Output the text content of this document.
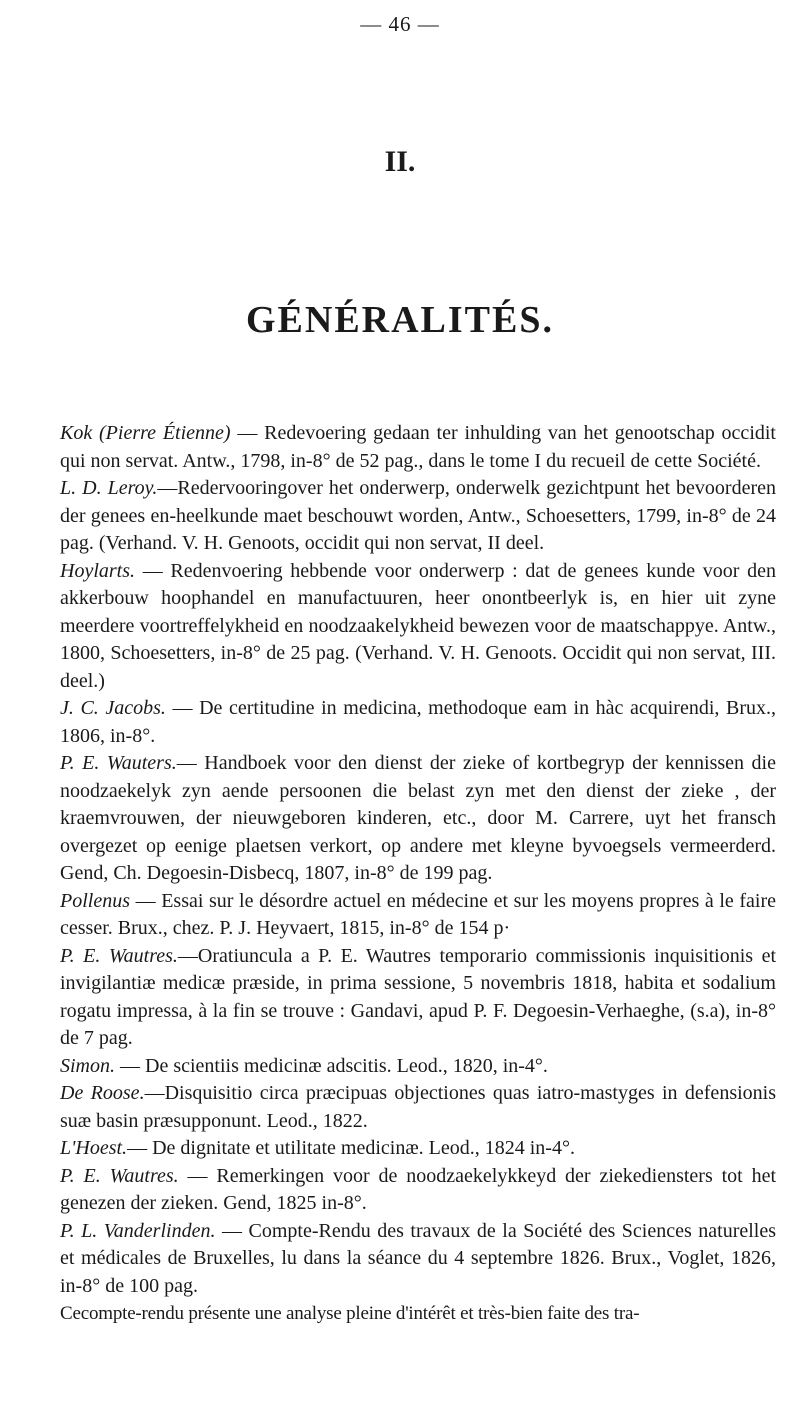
— 46 —
II.
GÉNÉRALITÉS.

Kok (Pierre Étienne) — Redevoering gedaan ter inhulding van het genootschap occidit qui non servat. Antw., 1798, in-8° de 52 pag., dans le tome I du recueil de cette Société.

L. D. Leroy.—Redervooringover het onderwerp, onderwelk gezichtpunt het bevoorderen der genees en-heelkunde maet beschouwt worden, Antw., Schoesetters, 1799, in-8° de 24 pag. (Verhand. V. H. Genoots, occidit qui non servat, II deel.

Hoylarts. — Redenvoering hebbende voor onderwerp : dat de genees kunde voor den akkerbouw hoophandel en manufactuuren, heer onontbeerlyk is, en hier uit zyne meerdere voortreffelykheid en noodzaakelykheid bewezen voor de maatschappye. Antw., 1800, Schoesetters, in-8° de 25 pag. (Verhand. V. H. Genoots. Occidit qui non servat, III. deel.)

J. C. Jacobs. — De certitudine in medicina, methodoque eam in hàc acquirendi, Brux., 1806, in-8°.

P. E. Wauters.— Handboek voor den dienst der zieke of kortbegryp der kennissen die noodzaekelyk zyn aende persoonen die belast zyn met den dienst der zieke , der kraemvrouwen, der nieuwgeboren kinderen, etc., door M. Carrere, uyt het fransch overgezet op eenige plaetsen verkort, op andere met kleyne byvoegsels vermeerderd. Gend, Ch. Degoesin-Disbecq, 1807, in-8° de 199 pag.

Pollenus — Essai sur le désordre actuel en médecine et sur les moyens propres à le faire cesser. Brux., chez. P. J. Heyvaert, 1815, in-8° de 154 p·

P. E. Wautres.—Oratiuncula a P. E. Wautres temporario commissionis inquisitionis et invigilantiæ medicæ præside, in prima sessione, 5 novembris 1818, habita et sodalium rogatu impressa, à la fin se trouve : Gandavi, apud P. F. Degoesin-Verhaeghe, (s.a), in-8° de 7 pag.

Simon. — De scientiis medicinæ adscitis. Leod., 1820, in-4°.

De Roose.—Disquisitio circa præcipuas objectiones quas iatro-mastyges in defensionis suæ basin præsupponunt. Leod., 1822.

L'Hoest.— De dignitate et utilitate medicinæ. Leod., 1824 in-4°.

P. E. Wautres. — Remerkingen voor de noodzaekelykkeyd der ziekediensters tot het genezen der zieken. Gend, 1825 in-8°.

P. L. Vanderlinden. — Compte-Rendu des travaux de la Société des Sciences naturelles et médicales de Bruxelles, lu dans la séance du 4 septembre 1826. Brux., Voglet, 1826, in-8° de 100 pag.

Cecompte-rendu présente une analyse pleine d'intérêt et très-bien faite des tra-
